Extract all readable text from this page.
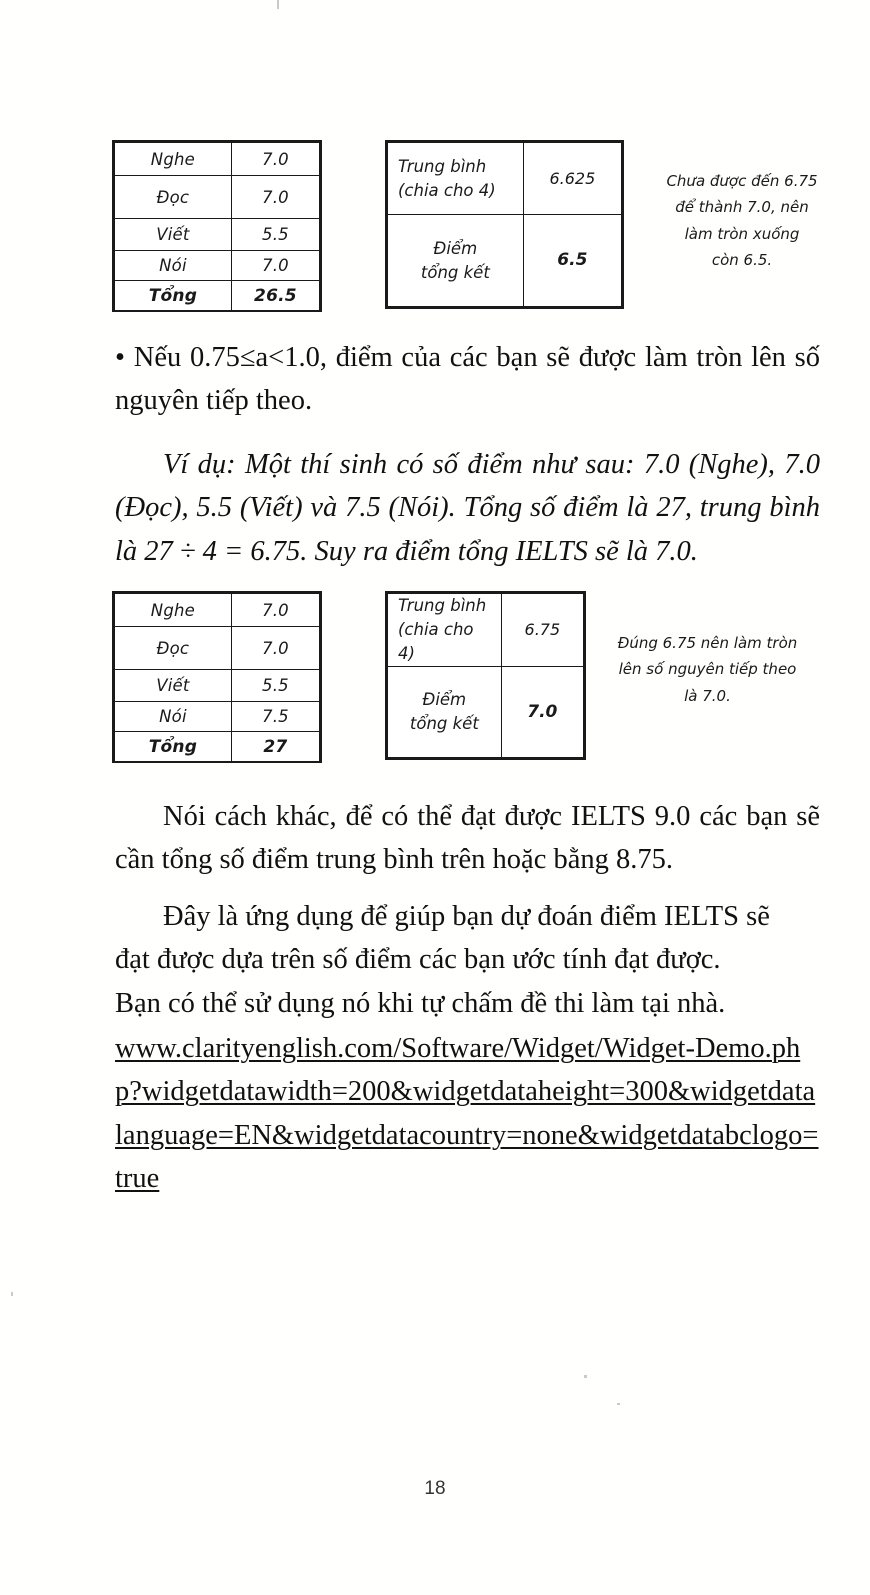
Nghe	7.0
Đọc	7.0
Viết	5.5
Nói	7.0
Tổng	26.5
Trung bình
(chia cho 4)	6.625

Điểm
tổng kết	6.5
Chưa được đến 6.75
để thành 7.0, nên
làm tròn xuống
còn 6.5.
• Nếu 0.75≤a<1.0, điểm của các bạn sẽ được làm tròn lên số nguyên tiếp theo.
Ví dụ: Một thí sinh có số điểm như sau: 7.0 (Nghe), 7.0 (Đọc), 5.5 (Viết) và 7.5 (Nói). Tổng số điểm là 27, trung bình là 27 ÷ 4 = 6.75. Suy ra điểm tổng IELTS sẽ là 7.0.
Nghe	7.0
Đọc	7.0
Viết	5.5
Nói	7.5
Tổng	27
Trung bình
(chia cho 4)	6.75

Điểm
tổng kết	7.0
Đúng 6.75 nên làm tròn
lên số nguyên tiếp theo
là 7.0.
Nói cách khác, để có thể đạt được IELTS 9.0 các bạn sẽ cần tổng số điểm trung bình trên hoặc bằng 8.75.
Đây là ứng dụng để giúp bạn dự đoán điểm IELTS sẽ
đạt được dựa trên số điểm các bạn ước tính đạt được.
Bạn có thể sử dụng nó khi tự chấm đề thi làm tại nhà.
www.clarityenglish.com/Software/Widget/Widget-Demo.php?widgetdatawidth=200&widgetdataheight=300&widgetdatalanguage=EN&widgetdatacountry=none&widgetdatabclogo=true
18
